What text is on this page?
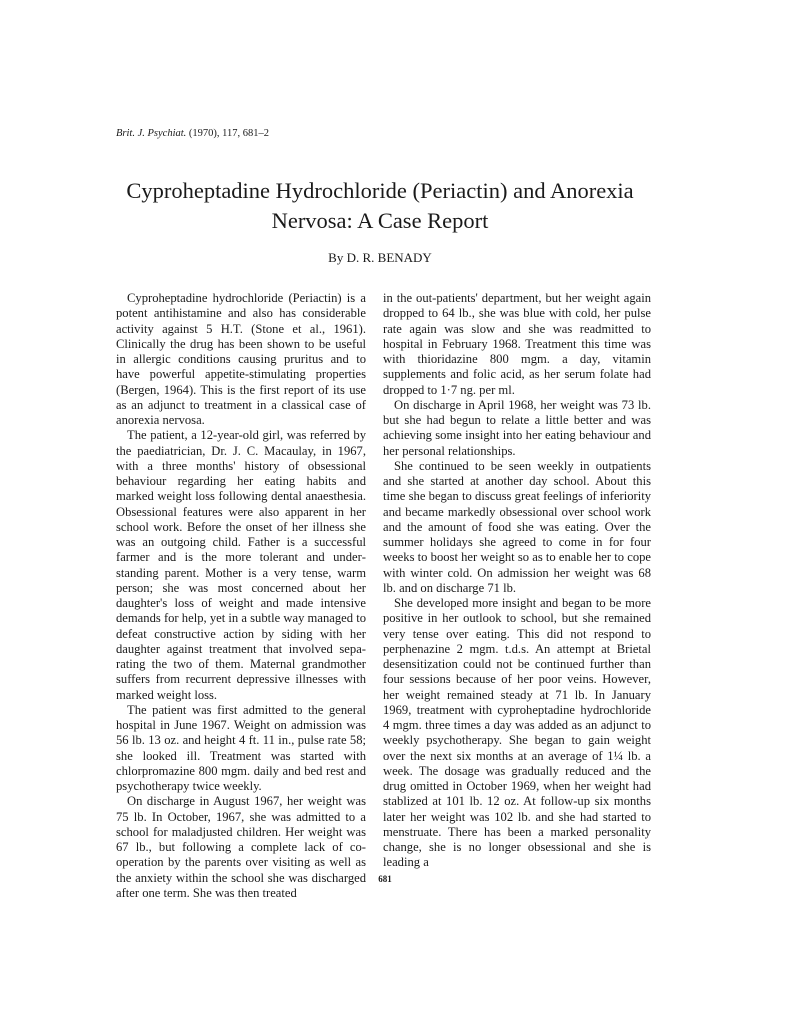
Brit. J. Psychiat. (1970), 117, 681–2
Cyproheptadine Hydrochloride (Periactin) and Anorexia
Nervosa: A Case Report
By D. R. BENADY

Cyproheptadine hydrochloride (Periactin) is a potent antihistamine and also has considerable activity against 5 H.T. (Stone et al., 1961). Clinically the drug has been shown to be useful in allergic conditions causing pruritus and to have powerful appetite-stimulating properties (Bergen, 1964). This is the first report of its use as an adjunct to treatment in a classical case of anorexia nervosa.

The patient, a 12-year-old girl, was referred by the paediatrician, Dr. J. C. Macaulay, in 1967, with a three months' history of obsessional behaviour regarding her eating habits and marked weight loss following dental anaesthesia. Obsessional features were also apparent in her school work. Before the onset of her illness she was an outgoing child. Father is a successful farmer and is the more tolerant and understanding parent. Mother is a very tense, warm person; she was most concerned about her daughter's loss of weight and made intensive demands for help, yet in a subtle way managed to defeat constructive action by siding with her daughter against treatment that involved separating the two of them. Maternal grandmother suffers from recurrent depressive illnesses with marked weight loss.

The patient was first admitted to the general hospital in June 1967. Weight on admission was 56 lb. 13 oz. and height 4 ft. 11 in., pulse rate 58; she looked ill. Treatment was started with chlorpromazine 800 mgm. daily and bed rest and psychotherapy twice weekly.

On discharge in August 1967, her weight was 75 lb. In October, 1967, she was admitted to a school for maladjusted children. Her weight was 67 lb., but following a complete lack of co-operation by the parents over visiting as well as the anxiety within the school she was discharged after one term. She was then treated

in the out-patients' department, but her weight again dropped to 64 lb., she was blue with cold, her pulse rate again was slow and she was readmitted to hospital in February 1968. Treatment this time was with thioridazine 800 mgm. a day, vitamin supplements and folic acid, as her serum folate had dropped to 1·7 ng. per ml.

On discharge in April 1968, her weight was 73 lb. but she had begun to relate a little better and was achieving some insight into her eating behaviour and her personal relationships.

She continued to be seen weekly in outpatients and she started at another day school. About this time she began to discuss great feelings of inferiority and became markedly obsessional over school work and the amount of food she was eating. Over the summer holidays she agreed to come in for four weeks to boost her weight so as to enable her to cope with winter cold. On admission her weight was 68 lb. and on discharge 71 lb.

She developed more insight and began to be more positive in her outlook to school, but she remained very tense over eating. This did not respond to perphenazine 2 mgm. t.d.s. An attempt at Brietal desensitization could not be continued further than four sessions because of her poor veins. However, her weight remained steady at 71 lb. In January 1969, treatment with cyproheptadine hydrochloride 4 mgm. three times a day was added as an adjunct to weekly psychotherapy. She began to gain weight over the next six months at an average of 1¼ lb. a week. The dosage was gradually reduced and the drug omitted in October 1969, when her weight had stablized at 101 lb. 12 oz. At follow-up six months later her weight was 102 lb. and she had started to menstruate. There has been a marked personality change, she is no longer obsessional and she is leading a

681
